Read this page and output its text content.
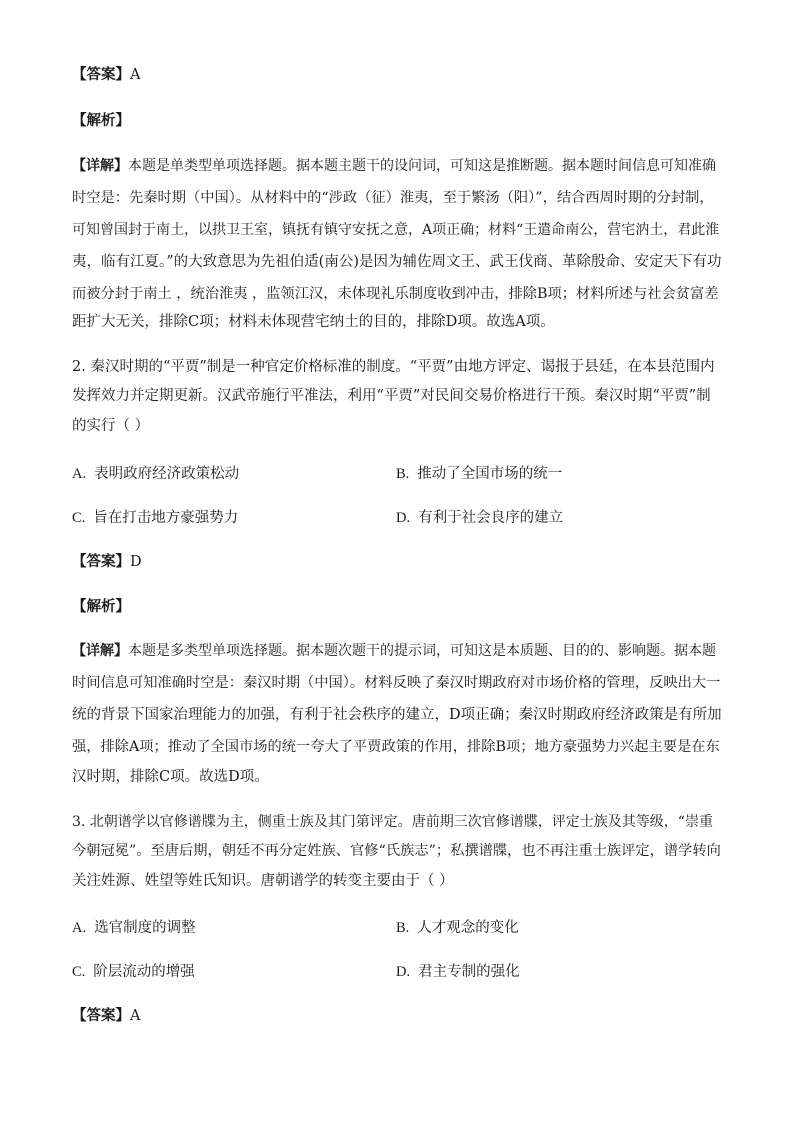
【答案】A
【解析】
【详解】本题是单类型单项选择题。据本题主题干的设问词，可知这是推断题。据本题时间信息可知准确
时空是：先秦时期（中国）。从材料中的“涉政（征）淮夷，至于繁汤（阳）”，结合西周时期的分封制，
可知曾国封于南土，以拱卫王室，镇抚有镇守安抚之意，A项正确；材料“王遣命南公，营宅汭土，君此淮
夷，临有江夏。”的大致意思为先祖伯适(南公)是因为辅佐周文王、武王伐商、革除殷命、安定天下有功
而被分封于南土 ，统治淮夷 ，监领江汉，未体现礼乐制度收到冲击，排除B项；材料所述与社会贫富差
距扩大无关，排除C项；材料未体现营宅纳土的目的，排除D项。故选A项。
2. 秦汉时期的“平贾”制是一种官定价格标准的制度。“平贾”由地方评定、谒报于县廷，在本县范围内
发挥效力并定期更新。汉武帝施行平准法，利用“平贾”对民间交易价格进行干预。秦汉时期“平贾”制
的实行（ ）
A. 表明政府经济政策松动	B. 推动了全国市场的统一
C. 旨在打击地方豪强势力	D. 有利于社会良序的建立
【答案】D
【解析】
【详解】本题是多类型单项选择题。据本题次题干的提示词，可知这是本质题、目的的、影响题。据本题
时间信息可知准确时空是：秦汉时期（中国）。材料反映了秦汉时期政府对市场价格的管理，反映出大一
统的背景下国家治理能力的加强，有利于社会秩序的建立，D项正确；秦汉时期政府经济政策是有所加
强，排除A项；推动了全国市场的统一夸大了平贾政策的作用，排除B项；地方豪强势力兴起主要是在东
汉时期，排除C项。故选D项。
3. 北朝谱学以官修谱牒为主，侧重士族及其门第评定。唐前期三次官修谱牒，评定士族及其等级，“崇重
今朝冠冕”。至唐后期，朝廷不再分定姓族、官修“氏族志”；私撰谱牒，也不再注重士族评定，谱学转向
关注姓源、姓望等姓氏知识。唐朝谱学的转变主要由于（ ）
A. 选官制度的调整	B. 人才观念的变化
C. 阶层流动的增强	D. 君主专制的强化
【答案】A
